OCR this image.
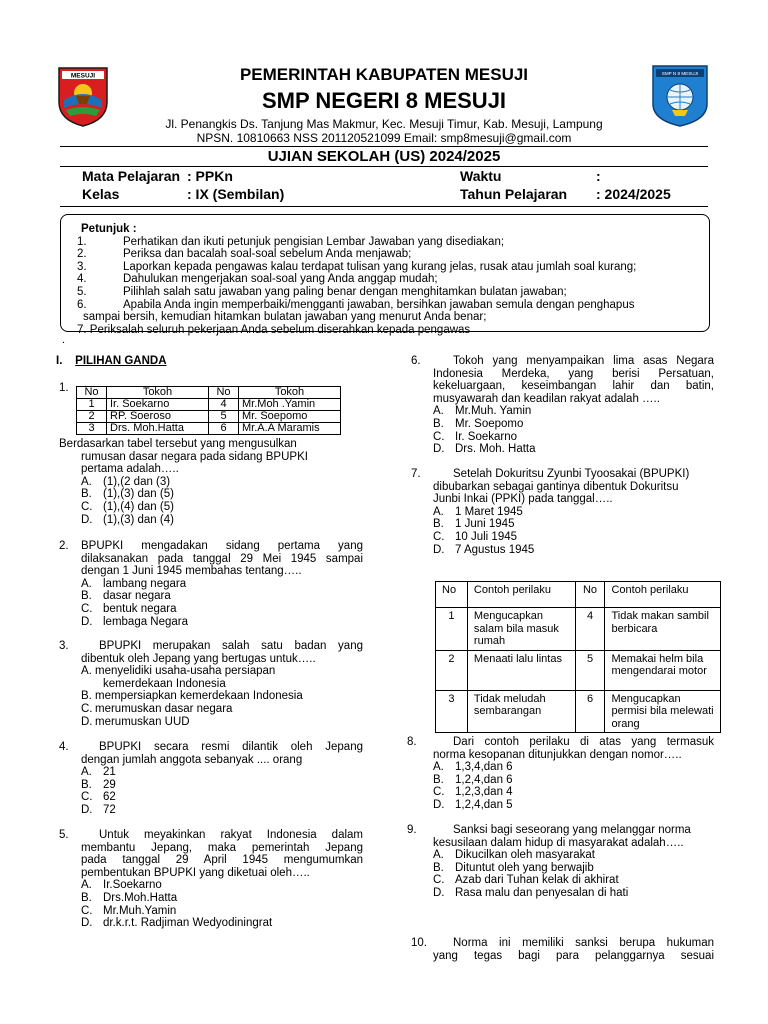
MESUJI	SMP N 8 MESUJI
PEMERINTAH KABUPATEN MESUJI
SMP NEGERI 8 MESUJI
Jl. Penangkis Ds. Tanjung Mas Makmur, Kec. Mesuji Timur, Kab. Mesuji, Lampung
NPSN. 10810663 NSS 201120521099 Email: smp8mesuji@gmail.com
UJIAN SEKOLAH (US) 2024/2025
Mata Pelajaran : PPKn	Waktu	:
Kelas	: IX (Sembilan)	Tahun Pelajaran : 2024/2025
Petunjuk :
1.	Perhatikan dan ikuti petunjuk pengisian Lembar Jawaban yang disediakan;
2.	Periksa dan bacalah soal-soal sebelum Anda menjawab;
3.	Laporkan kepada pengawas kalau terdapat tulisan yang kurang jelas, rusak atau jumlah soal kurang;
4.	Dahulukan mengerjakan soal-soal yang Anda anggap mudah;
5.	Pilihlah salah satu jawaban yang paling benar dengan menghitamkan bulatan jawaban;
6.	Apabila Anda ingin memperbaiki/mengganti jawaban, bersihkan jawaban semula dengan penghapus
sampai bersih, kemudian hitamkan bulatan jawaban yang menurut Anda benar;
7. Periksalah seluruh pekerjaan Anda sebelum diserahkan kepada pengawas
.
I. PILIHAN GANDA
1. No	Tokoh	No	Tokoh
1	Ir. Soekarno	4	Mr.Moh .Yamin
2	RP. Soeroso	5	Mr. Soepomo
3	Drs. Moh.Hatta	6	Mr.A.A Maramis
Berdasarkan tabel tersebut yang mengusulkan
rumusan dasar negara pada sidang BPUPKI
pertama adalah…..
A. (1),(2 dan (3)
B. (1),(3) dan (5)
C. (1),(4) dan (5)
D. (1),(3) dan (4)
2. BPUPKI mengadakan sidang pertama yang
dilaksanakan pada tanggal 29 Mei 1945 sampai
dengan 1 Juni 1945 membahas tentang…..
A. lambang negara
B. dasar negara
C. bentuk negara
D. lembaga Negara
3.	BPUPKI merupakan salah satu badan yang
dibentuk oleh Jepang yang bertugas untuk…..
A. menyelidiki usaha-usaha persiapan
kemerdekaan Indonesia
B. mempersiapkan kemerdekaan Indonesia
C. merumuskan dasar negara
D. merumuskan UUD
4.	BPUPKI secara resmi dilantik oleh Jepang
dengan jumlah anggota sebanyak .... orang
A. 21
B. 29
C. 62
D. 72
5.	Untuk meyakinkan rakyat Indonesia dalam
membantu Jepang, maka pemerintah Jepang
pada tanggal 29 April 1945 mengumumkan
pembentukan BPUPKI yang diketuai oleh…..
A. Ir.Soekarno
B. Drs.Moh.Hatta
C. Mr.Muh.Yamin
D. dr.k.r.t. Radjiman Wedyodiningrat
6.	Tokoh yang menyampaikan lima asas Negara
Indonesia Merdeka, yang berisi Persatuan,
kekeluargaan, keseimbangan lahir dan batin,
musyawarah dan keadilan rakyat adalah …..
A. Mr.Muh. Yamin
B. Mr. Soepomo
C. Ir. Soekarno
D. Drs. Moh. Hatta
7.	Setelah Dokuritsu Zyunbi Tyoosakai (BPUPKI)
dibubarkan sebagai gantinya dibentuk Dokuritsu
Junbi Inkai (PPKI) pada tanggal…..
A. 1 Maret 1945
B. 1 Juni 1945
C. 10 Juli 1945
D. 7 Agustus 1945
No	Contoh perilaku	No	Contoh perilaku
1	Mengucapkan salam bila masuk rumah	4	Tidak makan sambil berbicara
2	Menaati lalu lintas	5	Memakai helm bila mengendarai motor
3	Tidak meludah sembarangan	6	Mengucapkan permisi bila melewati orang
8.	Dari contoh perilaku di atas yang termasuk
norma kesopanan ditunjukkan dengan nomor…..
A. 1,3,4,dan 6
B. 1,2,4,dan 6
C. 1,2,3,dan 4
D. 1,2,4,dan 5
9.	Sanksi bagi seseorang yang melanggar norma
kesusilaan dalam hidup di masyarakat adalah…..
A. Dikucilkan oleh masyarakat
B. Dituntut oleh yang berwajib
C. Azab dari Tuhan kelak di akhirat
D. Rasa malu dan penyesalan di hati
10.	Norma ini memiliki sanksi berupa hukuman
yang tegas bagi para pelanggarnya sesuai
